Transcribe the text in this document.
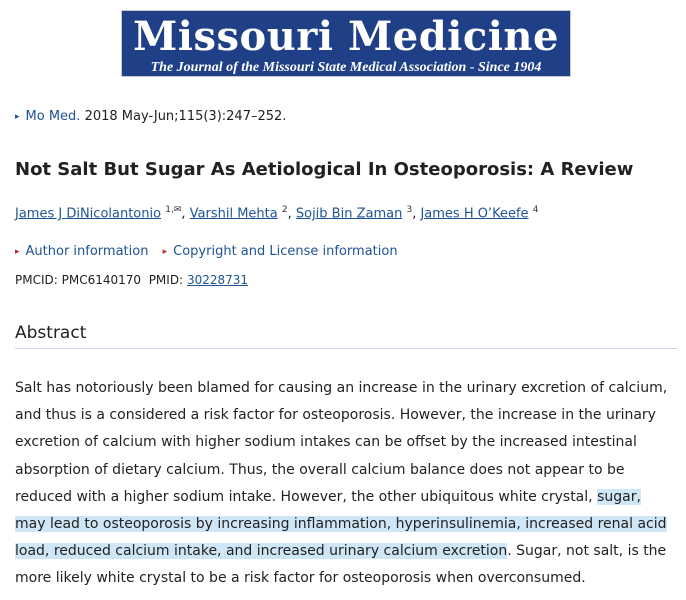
Missouri Medicine
The Journal of the Missouri State Medical Association - Since 1904
▸ Mo Med. 2018 May-Jun;115(3):247–252.
Not Salt But Sugar As Aetiological In Osteoporosis: A Review
James J DiNicolantonio $^{1,✉}$, Varshil Mehta $^2$, Sojib Bin Zaman $^3$, James H O’Keefe $^4$
▸ Author information ▸ Copyright and License information
PMCID: PMC6140170 PMID: 30228731
Abstract

Salt has notoriously been blamed for causing an increase in the urinary excretion of calcium, and thus is a considered a risk factor for osteoporosis. However, the increase in the urinary excretion of calcium with higher sodium intakes can be offset by the increased intestinal absorption of dietary calcium. Thus, the overall calcium balance does not appear to be reduced with a higher sodium intake. However, the other ubiquitous white crystal, sugar, may lead to osteoporosis by increasing inflammation, hyperinsulinemia, increased renal acid load, reduced calcium intake, and increased urinary calcium excretion. Sugar, not salt, is the more likely white crystal to be a risk factor for osteoporosis when overconsumed.
